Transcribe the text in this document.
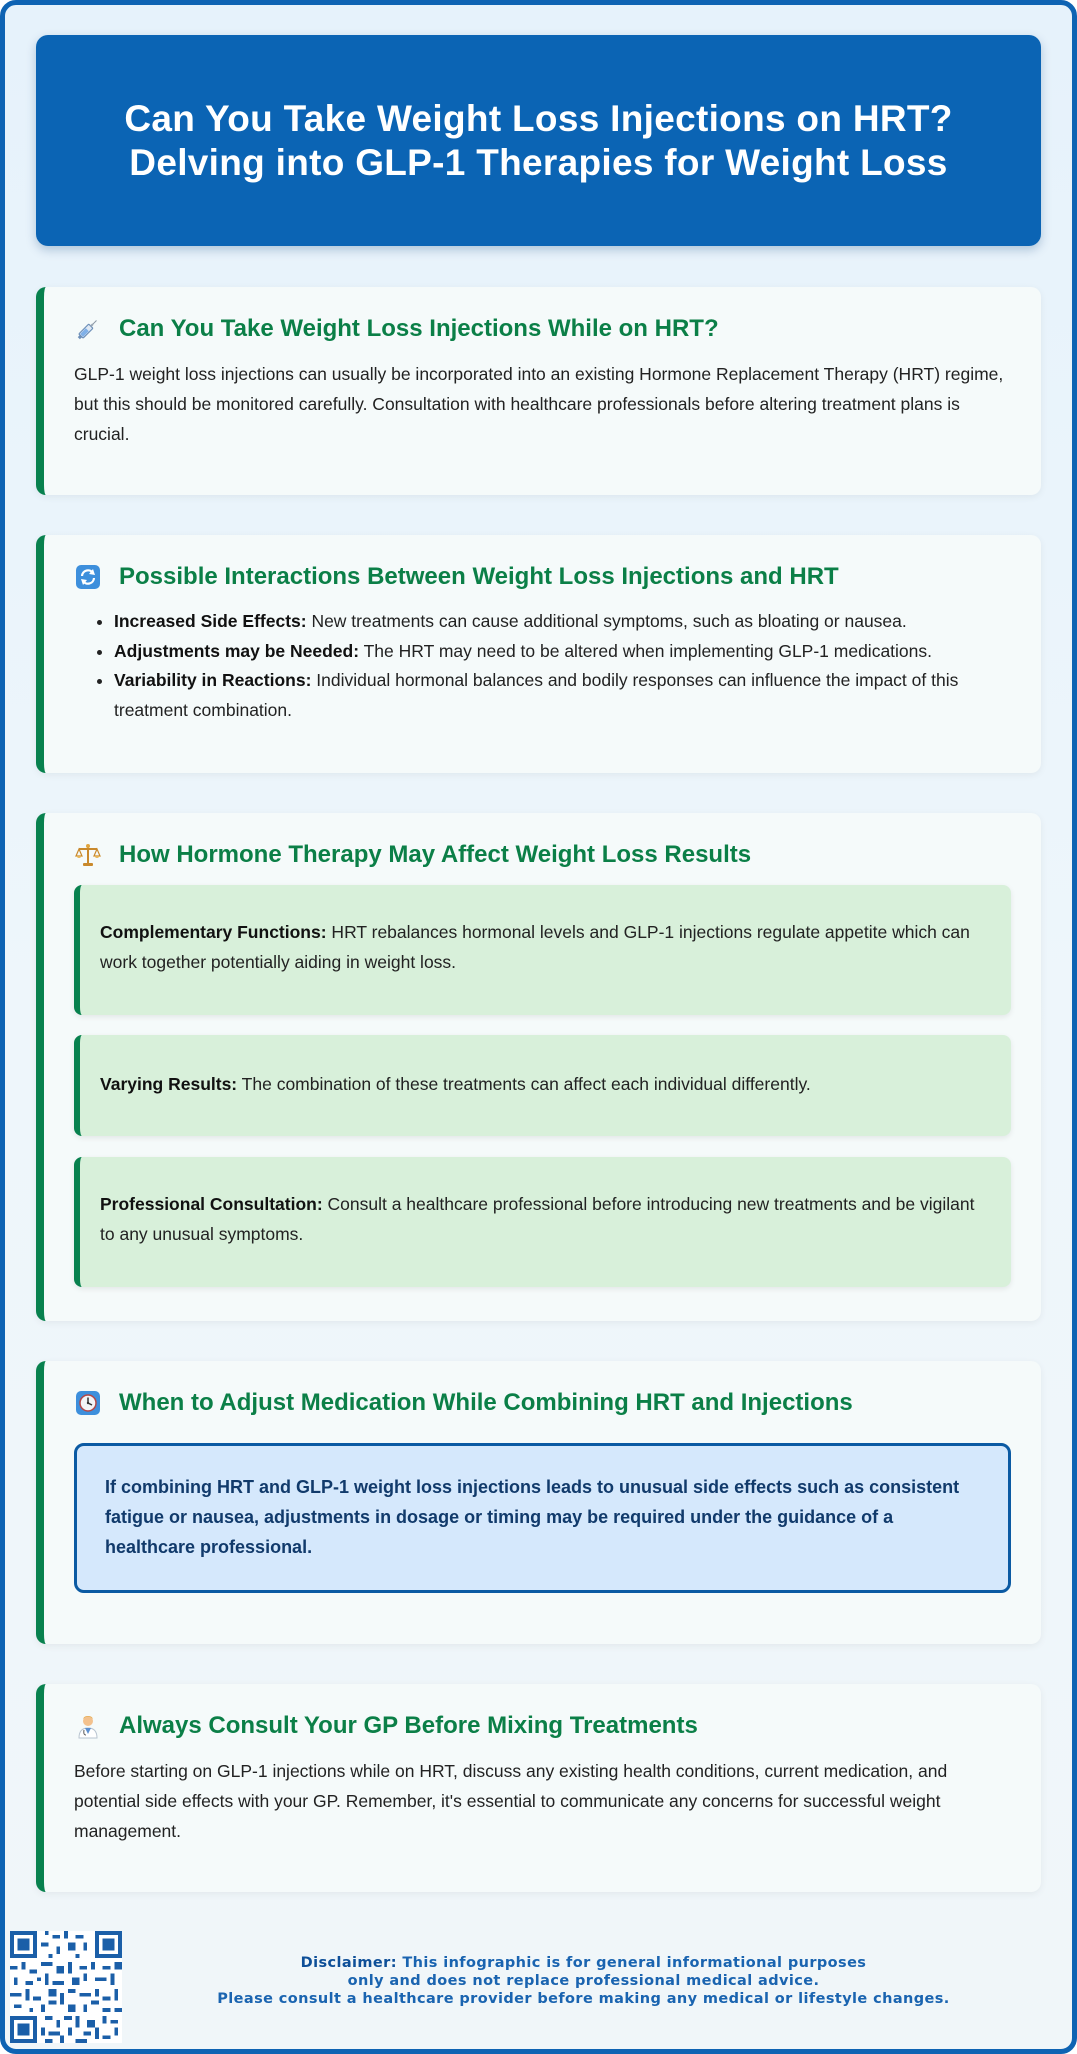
Can You Take Weight Loss Injections on HRT?
Delving into GLP-1 Therapies for Weight Loss
Can You Take Weight Loss Injections While on HRT?

GLP-1 weight loss injections can usually be incorporated into an existing Hormone Replacement Therapy (HRT) regime, but this should be monitored carefully. Consultation with healthcare professionals before altering treatment plans is crucial.

Possible Interactions Between Weight Loss Injections and HRT
• Increased Side Effects: New treatments can cause additional symptoms, such as bloating or nausea.
• Adjustments may be Needed: The HRT may need to be altered when implementing GLP-1 medications.
• Variability in Reactions: Individual hormonal balances and bodily responses can influence the impact of this treatment combination.
How Hormone Therapy May Affect Weight Loss Results
Complementary Functions: HRT rebalances hormonal levels and GLP-1 injections regulate appetite which can work together potentially aiding in weight loss.
Varying Results: The combination of these treatments can affect each individual differently.
Professional Consultation: Consult a healthcare professional before introducing new treatments and be vigilant to any unusual symptoms.
When to Adjust Medication While Combining HRT and Injections
If combining HRT and GLP-1 weight loss injections leads to unusual side effects such as consistent fatigue or nausea, adjustments in dosage or timing may be required under the guidance of a healthcare professional.
Always Consult Your GP Before Mixing Treatments

Before starting on GLP-1 injections while on HRT, discuss any existing health conditions, current medication, and potential side effects with your GP. Remember, it's essential to communicate any concerns for successful weight management.

Disclaimer: This infographic is for general informational purposes
only and does not replace professional medical advice.
Please consult a healthcare provider before making any medical or lifestyle changes.
